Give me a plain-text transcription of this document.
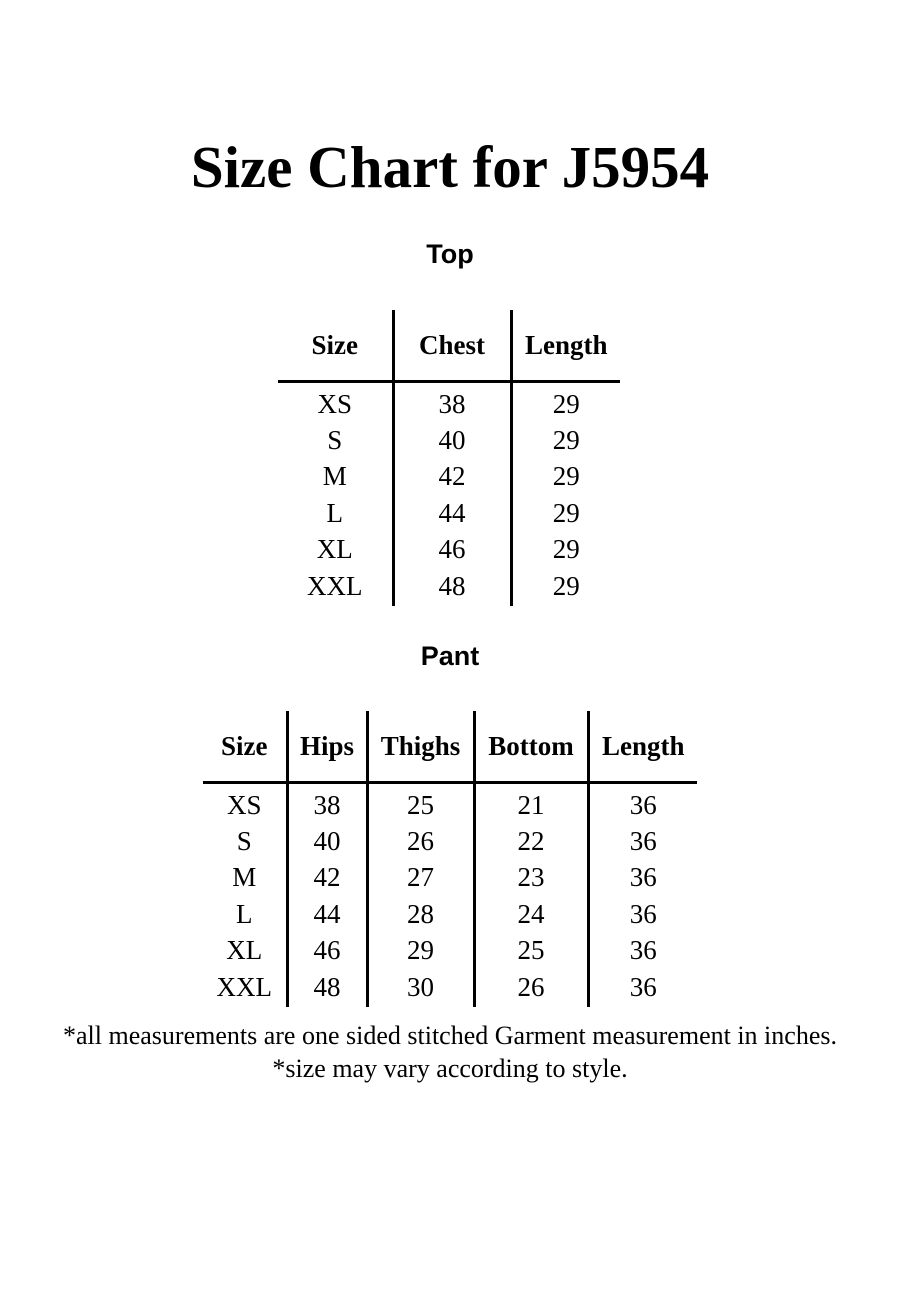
Size Chart for J5954
Top
Size	Chest	Length
XS	38	29
S	40	29
M	42	29
L	44	29
XL	46	29
XXL	48	29
Pant
Size	Hips	Thighs	Bottom	Length
XS	38	25	21	36
S	40	26	22	36
M	42	27	23	36
L	44	28	24	36
XL	46	29	25	36
XXL	48	30	26	36

*all measurements are one sided stitched Garment measurement in inches.

*size may vary according to style.
